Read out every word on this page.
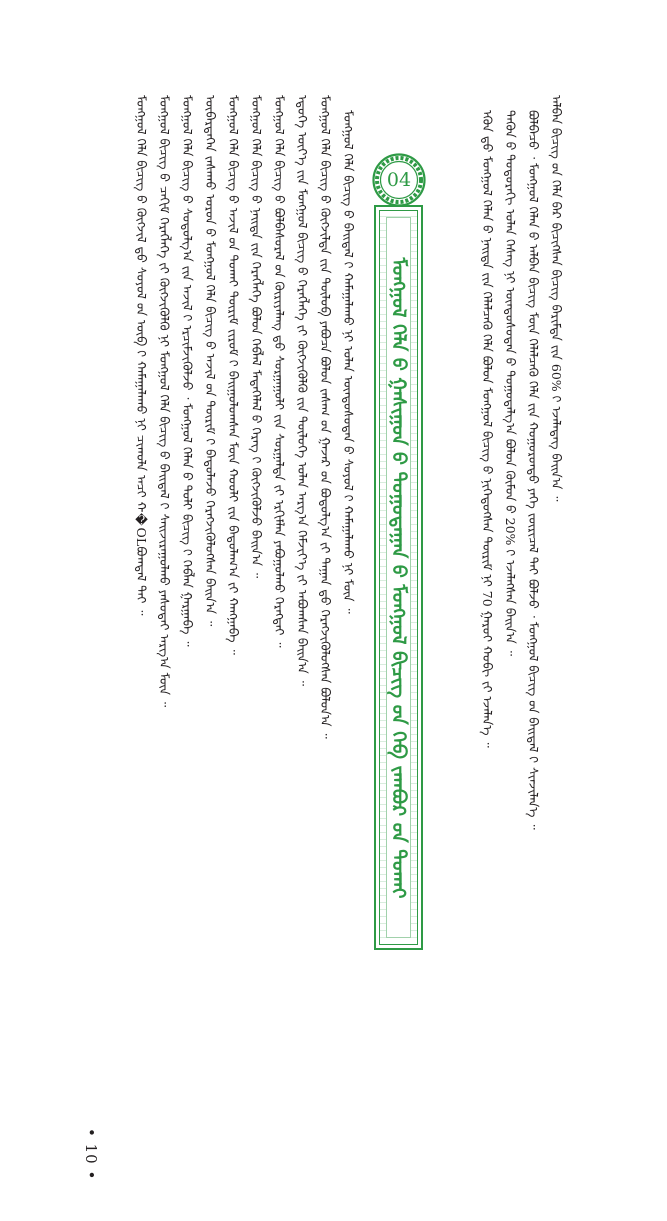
ᠠᠯᠪᠠᠨ ᠪᠢᠴᠢᠭ ᠤ᠋ᠨ ᠬᠡᠯᠡ ᠪᠠᠷ ᠪᠢᠴᠢᠭᠰᠡᠨ ᠪᠢᠴᠢᠭ ᠪᠠᠷᠢᠮᠲᠠ ᠶ᠋ᠢᠨ 60% ᠢ᠋ ᠡᠵᠡᠯᠡᠳᠡᠭ ᠪᠠᠢᠨ᠎ᠠ ᠃
ᠪᠣᠯᠪᠠᠴᠤ ᠂ ᠮᠣᠩᠭᠣᠯ ᠬᠡᠯᠡᠨ ᠦ᠌ ᠠᠯᠪᠠᠨ ᠪᠢᠴᠢᠭ ᠮᠥᠨ ᠬᠡᠯᠡᠯᠴᠡᠬᠦ ᠬᠡᠯᠡ ᠶ᠋ᠢᠨ ᠬᠣᠭᠣᠷᠣᠨᠳᠤ ᠶᠡᠬᠡ ᠵᠥᠷᠢᠴᠡᠯ ᠲᠠᠢ ᠪᠣᠯᠵᠤ ᠂ ᠮᠣᠩᠭᠣᠯ ᠪᠢᠴᠢᠭ ᠤ᠋ᠨ ᠪᠠᠢᠳᠠᠯ ᠢ᠋ ᠰᠢᠨᠵᠢᠯᠡᠨ᠎ᠡ ᠃
ᠲᠡᠭᠦᠨ ᠦ᠌ ᠳᠣᠲᠣᠷᠠᠬᠢ ᠣᠯᠠᠨ ᠬᠡᠰᠡᠭ ᠨᠢ ᠦᠨᠳᠦᠰᠦᠲᠡᠨ ᠦ᠌ ᠳᠤᠭᠤᠳᠠᠯᠭ᠎ᠠ ᠪᠣᠯᠤᠨ ᠬᠦᠮᠦᠨ ᠦ᠌ 20% ᠢ᠋ ᠡᠵᠡᠯᠡᠭᠰᠡᠨ ᠪᠠᠢᠨ᠎ᠠ ᠃
ᠡᠭᠦᠨ ᠳ᠋ᠦ᠍ ᠮᠣᠩᠭᠣᠯ ᠬᠡᠯᠡᠨ ᠦ᠌ ᠨᠡᠢᠲᠡ ᠶ᠋ᠢᠨ ᠬᠡᠯᠡᠯᠴᠡᠬᠦ ᠬᠡᠯᠡ ᠪᠣᠯᠤᠨ ᠮᠣᠩᠭᠣᠯ ᠪᠢᠴᠢᠭ ᠦ᠌ ᠨᠢᠭᠡᠳᠦᠭᠰᠡᠨ ᠳᠦᠷᠢᠮ ᠨᠢ 70 ᠭᠠᠷᠤᠢ ᠬᠤᠪᠢ ᠶ᠋ᠢ ᠡᠵᠡᠯᠡᠨ᠎ᠡ ᠃
04
ᠮᠣᠩᠭᠣᠯ ᠬᠡᠯᠡ ᠤ᠋ ᠭᠠᠰᠢᠭᠤᠨ ᠤ᠋ ᠳᠤᠭᠤᠳᠠᠭᠠᠨ ᠤ᠋ ᠮᠣᠩᠭᠣᠯ ᠪᠢᠴᠢᠭ ᠤ᠋ᠨ ᠬᠡᠪ ᠵᠠᠭᠪᠤᠷ ᠤ᠋ᠨ ᠲᠤᠬᠠᠢ
ᠮᠣᠩᠭᠣᠯ ᠬᠡᠯᠡ ᠪᠢᠴᠢᠭ ᠦ᠌ ᠪᠠᠢᠳᠠᠯ ᠢ᠋ ᠬᠠᠮᠠᠭᠠᠯᠠᠬᠤ ᠨᠢ ᠣᠯᠠᠨ ᠦᠨᠳᠦᠰᠦᠲᠡᠨ ᠦ᠌ ᠰᠣᠶᠣᠯ ᠢ᠋ ᠬᠠᠮᠠᠭᠠᠯᠠᠬᠤ ᠨᠢ ᠮᠥᠨ ᠃
ᠮᠣᠩᠭᠣᠯ ᠬᠡᠯᠡ ᠪᠢᠴᠢᠭ ᠦ᠌ ᠬᠦᠭᠵᠢᠯᠲᠡ ᠶ᠋ᠢᠨ ᠲᠥᠯᠦᠪ ᠶᠠᠪᠤᠴᠠ ᠪᠣᠯᠤᠨ ᠵᠠᠰᠠᠭ ᠤ᠋ᠨ ᠭᠠᠵᠠᠷ ᠤ᠋ᠨ ᠪᠣᠳᠤᠯᠭ᠎ᠠ ᠶ᠋ᠢ ᠳᠠᠭᠠᠨ ᠳ᠋ᠤ᠌ ᠬᠡᠷᠡᠭᠵᠢᠭᠦᠯᠦᠭᠰᠡᠨ ᠪᠣᠯᠤᠨ᠎ᠠ ᠃
ᠡᠳᠦᠭᠡ ᠦᠶ᠎ᠡ ᠶ᠋ᠢᠨ ᠮᠣᠩᠭᠣᠯ ᠪᠢᠴᠢᠭ ᠦ᠌ ᠬᠡᠷᠡᠭᠯᠡᠭᠡ ᠶ᠋ᠢ ᠬᠦᠭᠵᠢᠭᠦᠯᠬᠦ ᠶ᠋ᠢᠨ ᠲᠥᠯᠦᠭᠡ ᠣᠯᠠᠨ ᠠᠷᠭ᠎ᠠ ᠬᠡᠮᠵᠢᠶ᠎ᠡ ᠶ᠋ᠢ ᠠᠪᠤᠭᠰᠠᠨ ᠪᠠᠢᠨ᠎ᠠ ᠃
ᠮᠣᠩᠭᠣᠯ ᠬᠡᠯᠡ ᠪᠢᠴᠢᠭ ᠦ᠌ ᠪᠣᠯᠪᠠᠰᠤᠷᠠᠯ ᠤ᠋ᠨ ᠬᠦᠷᠢᠶᠡᠯᠡᠩ ᠳ᠋ᠦ᠍ ᠰᠤᠷᠭᠠᠭᠤᠯᠢ ᠶ᠋ᠢᠨ ᠰᠤᠷᠭᠠᠯᠲᠠ ᠶ᠋ᠢ ᠡᠷᠬᠢᠮᠯᠡᠨ ᠶᠠᠪᠤᠭᠤᠯᠬᠤ ᠬᠡᠷᠡᠭᠲᠡᠢ ᠃
ᠮᠣᠩᠭᠣᠯ ᠬᠡᠯᠡ ᠪᠢᠴᠢᠭ ᠦ᠌ ᠨᠡᠢᠲᠡ ᠶ᠋ᠢᠨ ᠬᠡᠷᠡᠭᠯᠡᠭᠡ ᠪᠣᠯᠤᠨ ᠬᠡᠪᠯᠡᠯ ᠮᠡᠳᠡᠭᠡᠯᠡᠯ ᠦ᠌ ᠬᠡᠷᠡᠭ ᠢ᠋ ᠬᠥᠭᠵᠢᠭᠦᠯᠵᠦ ᠪᠠᠢᠨ᠎ᠠ ᠃
ᠮᠣᠩᠭᠣᠯ ᠬᠡᠯᠡ ᠪᠢᠴᠢᠭ ᠦ᠌ ᠠᠵᠢᠯ ᠤ᠋ᠨ ᠲᠤᠬᠠᠢ ᠳᠦᠷᠢᠮ ᠵᠢᠷᠤᠮ ᠢ᠋ ᠪᠠᠢᠭᠤᠯᠤᠭᠰᠠᠨ ᠮᠥᠨ ᠬᠤᠤᠯᠢ ᠶ᠋ᠢᠨ ᠪᠠᠲᠤᠯᠠᠭ᠎ᠠ ᠶ᠋ᠢ ᠬᠠᠩᠭᠠᠪᠠ ᠃
ᠥᠪᠡᠷᠲᠡᠭᠡᠨ ᠵᠠᠰᠠᠬᠤ ᠣᠷᠤᠨ ᠤ᠋ ᠮᠣᠩᠭᠣᠯ ᠬᠡᠯᠡ ᠪᠢᠴᠢᠭ ᠦ᠌ ᠠᠵᠢᠯ ᠤ᠋ᠨ ᠳᠦᠷᠢᠮ ᠢ᠋ ᠪᠠᠲᠤᠯᠠᠵᠤ ᠬᠡᠷᠡᠭᠵᠢᠭᠦᠯᠦᠭᠰᠡᠨ ᠪᠠᠢᠨ᠎ᠠ ᠃
ᠮᠣᠩᠭᠣᠯ ᠬᠡᠯᠡ ᠪᠢᠴᠢᠭ ᠦ᠌ ᠰᠤᠳᠤᠯᠭ᠎ᠠ ᠶ᠋ᠢᠨ ᠠᠵᠢᠯ ᠢ᠋ ᠡᠷᠴᠢᠮᠵᠢᠭᠦᠯᠵᠦ ᠂ ᠮᠣᠩᠭᠣᠯ ᠬᠡᠯᠡᠨ ᠦ᠌ ᠲᠣᠯᠢ ᠪᠢᠴᠢᠭ ᠢ᠋ ᠬᠡᠪᠯᠡᠨ ᠭᠠᠷᠭᠠᠪᠠ ᠃
ᠮᠣᠩᠭᠣᠯ ᠪᠢᠴᠢᠭ ᠦ᠌ ᠴᠠᠬᠢᠮ ᠬᠡᠷᠡᠭᠯᠡᠭᠡ ᠶ᠋ᠢ ᠬᠥᠭᠵᠢᠭᠦᠯᠬᠦ ᠨᠢ ᠮᠣᠩᠭᠣᠯ ᠬᠡᠯᠡ ᠪᠢᠴᠢᠭ ᠦ᠌ ᠪᠠᠢᠳᠠᠯ ᠢ᠋ ᠰᠠᠢᠵᠢᠷᠠᠭᠤᠯᠬᠤ ᠶᠠᠰᠤᠲᠠᠢ ᠠᠷᠭ᠎ᠠ ᠮᠥᠨ ᠃
ᠮᠣᠩᠭᠣᠯ ᠬᠡᠯᠡ ᠪᠢᠴᠢᠭ ᠦ᠌ ᠬᠥᠭᠵᠢᠯ ᠳ᠋ᠦ᠍ ᠰᠣᠶᠣᠯ ᠤ᠋ᠨ ᠥᠪ ᠢ᠋ ᠬᠠᠮᠠᠭᠠᠯᠠᠬᠤ ᠨᠢ ᠴᠢᠬᠤᠯᠠ ᠠᠴᠢ ᠬ�OLᠪᠣᠭᠳᠠᠯ ᠲᠠᠢ ᠃
• 10 •
